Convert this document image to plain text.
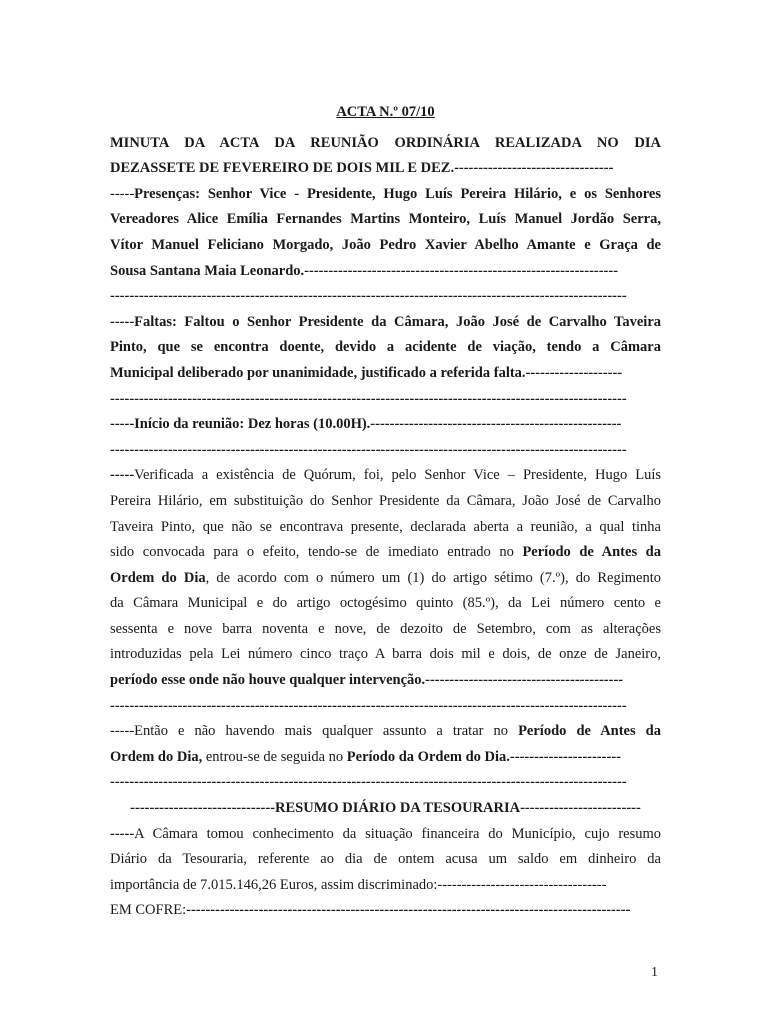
ACTA N.º 07/10
MINUTA DA ACTA DA REUNIÃO ORDINÁRIA REALIZADA NO DIA
DEZASSETE DE FEVEREIRO DE DOIS MIL E DEZ.---------------------------------
-----Presenças: Senhor Vice - Presidente, Hugo Luís Pereira Hilário, e os Senhores
Vereadores Alice Emília Fernandes Martins Monteiro, Luís Manuel Jordão Serra,
Vítor Manuel Feliciano Morgado, João Pedro Xavier Abelho Amante e Graça de
Sousa Santana Maia Leonardo.-----------------------------------------------------------------
-----------------------------------------------------------------------------------------------------------
-----Faltas: Faltou o Senhor Presidente da Câmara, João José de Carvalho Taveira
Pinto, que se encontra doente, devido a acidente de viação, tendo a Câmara
Municipal deliberado por unanimidade, justificado a referida falta.--------------------
-----------------------------------------------------------------------------------------------------------
-----Início da reunião: Dez horas (10.00H).----------------------------------------------------
-----------------------------------------------------------------------------------------------------------
-----Verificada a existência de Quórum, foi, pelo Senhor Vice – Presidente, Hugo Luís
Pereira Hilário, em substituição do Senhor Presidente da Câmara, João José de Carvalho
Taveira Pinto, que não se encontrava presente, declarada aberta a reunião, a qual tinha
sido convocada para o efeito, tendo-se de imediato entrado no Período de Antes da
Ordem do Dia, de acordo com o número um (1) do artigo sétimo (7.º), do Regimento
da Câmara Municipal e do artigo octogésimo quinto (85.º), da Lei número cento e
sessenta e nove barra noventa e nove, de dezoito de Setembro, com as alterações
introduzidas pela Lei número cinco traço A barra dois mil e dois, de onze de Janeiro,
período esse onde não houve qualquer intervenção.-----------------------------------------
-----------------------------------------------------------------------------------------------------------
-----Então e não havendo mais qualquer assunto a tratar no Período de Antes da
Ordem do Dia, entrou-se de seguida no Período da Ordem do Dia.-----------------------
-----------------------------------------------------------------------------------------------------------
------------------------------RESUMO DIÁRIO DA TESOURARIA-------------------------
-----A Câmara tomou conhecimento da situação financeira do Município, cujo resumo
Diário da Tesouraria, referente ao dia de ontem acusa um saldo em dinheiro da
importância de 7.015.146,26 Euros, assim discriminado:-----------------------------------
EM COFRE:--------------------------------------------------------------------------------------------
1
